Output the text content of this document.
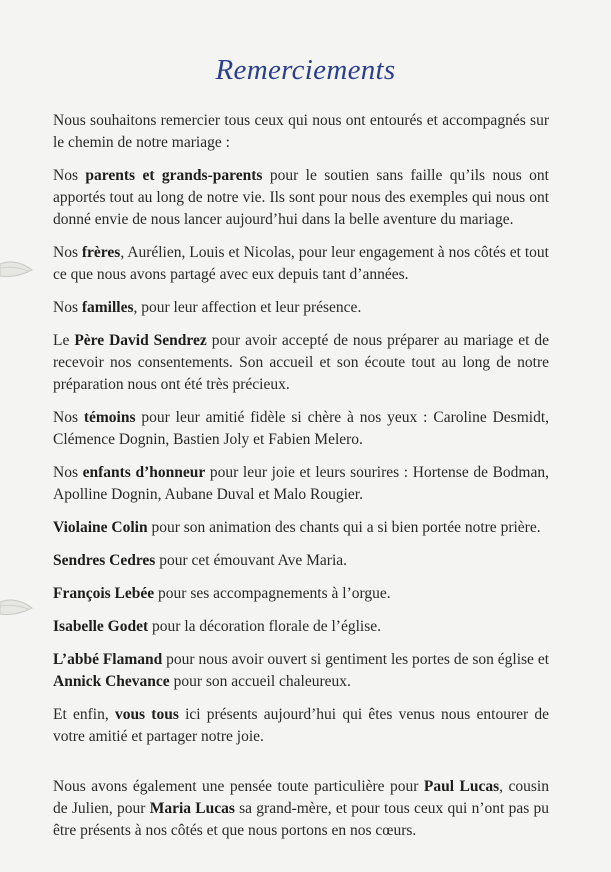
Remerciements

Nous souhaitons remercier tous ceux qui nous ont entourés et accompagnés sur le chemin de notre mariage :

Nos parents et grands-parents pour le soutien sans faille qu’ils nous ont apportés tout au long de notre vie. Ils sont pour nous des exemples qui nous ont donné envie de nous lancer aujourd’hui dans la belle aventure du mariage.

Nos frères, Aurélien, Louis et Nicolas, pour leur engagement à nos côtés et tout ce que nous avons partagé avec eux depuis tant d’années.

Nos familles, pour leur affection et leur présence.

Le Père David Sendrez pour avoir accepté de nous préparer au mariage et de recevoir nos consentements. Son accueil et son écoute tout au long de notre préparation nous ont été très précieux.

Nos témoins pour leur amitié fidèle si chère à nos yeux : Caroline Desmidt, Clémence Dognin, Bastien Joly et Fabien Melero.

Nos enfants d’honneur pour leur joie et leurs sourires : Hortense de Bodman, Apolline Dognin, Aubane Duval et Malo Rougier.

Violaine Colin pour son animation des chants qui a si bien portée notre prière.

Sendres Cedres pour cet émouvant Ave Maria.

François Lebée pour ses accompagnements à l’orgue.

Isabelle Godet pour la décoration florale de l’église.

L’abbé Flamand pour nous avoir ouvert si gentiment les portes de son église et Annick Chevance pour son accueil chaleureux.

Et enfin, vous tous ici présents aujourd’hui qui êtes venus nous entourer de votre amitié et partager notre joie.

Nous avons également une pensée toute particulière pour Paul Lucas, cousin de Julien, pour Maria Lucas sa grand-mère, et pour tous ceux qui n’ont pas pu être présents à nos côtés et que nous portons en nos cœurs.
